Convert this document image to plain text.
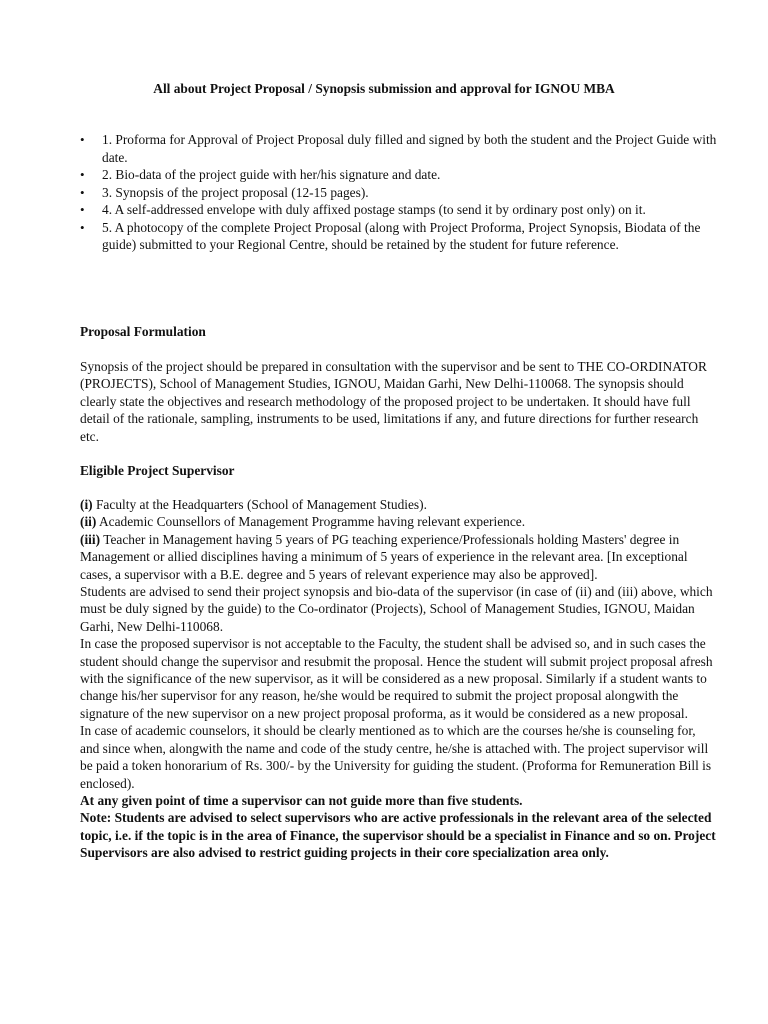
All about Project Proposal / Synopsis submission and approval for IGNOU MBA
• 1. Proforma for Approval of Project Proposal duly filled and signed by both the student and the Project Guide with date.
• 2. Bio-data of the project guide with her/his signature and date.
• 3. Synopsis of the project proposal (12-15 pages).
• 4. A self-addressed envelope with duly affixed postage stamps (to send it by ordinary post only) on it.
• 5. A photocopy of the complete Project Proposal (along with Project Proforma, Project Synopsis, Biodata of the guide) submitted to your Regional Centre, should be retained by the student for future reference.
Proposal Formulation

Synopsis of the project should be prepared in consultation with the supervisor and be sent to THE CO-ORDINATOR (PROJECTS), School of Management Studies, IGNOU, Maidan Garhi, New Delhi-110068. The synopsis should clearly state the objectives and research methodology of the proposed project to be undertaken. It should have full detail of the rationale, sampling, instruments to be used, limitations if any, and future directions for further research etc.

Eligible Project Supervisor

(i) Faculty at the Headquarters (School of Management Studies).

(ii) Academic Counsellors of Management Programme having relevant experience.

(iii) Teacher in Management having 5 years of PG teaching experience/Professionals holding Masters' degree in Management or allied disciplines having a minimum of 5 years of experience in the relevant area. [In exceptional cases, a supervisor with a B.E. degree and 5 years of relevant experience may also be approved].

Students are advised to send their project synopsis and bio-data of the supervisor (in case of (ii) and (iii) above, which must be duly signed by the guide) to the Co-ordinator (Projects), School of Management Studies, IGNOU, Maidan Garhi, New Delhi-110068.

In case the proposed supervisor is not acceptable to the Faculty, the student shall be advised so, and in such cases the student should change the supervisor and resubmit the proposal. Hence the student will submit project proposal afresh with the significance of the new supervisor, as it will be considered as a new proposal. Similarly if a student wants to change his/her supervisor for any reason, he/she would be required to submit the project proposal alongwith the signature of the new supervisor on a new project proposal proforma, as it would be considered as a new proposal.

In case of academic counselors, it should be clearly mentioned as to which are the courses he/she is counseling for, and since when, alongwith the name and code of the study centre, he/she is attached with. The project supervisor will be paid a token honorarium of Rs. 300/- by the University for guiding the student. (Proforma for Remuneration Bill is enclosed).

At any given point of time a supervisor can not guide more than five students.

Note: Students are advised to select supervisors who are active professionals in the relevant area of the selected topic, i.e. if the topic is in the area of Finance, the supervisor should be a specialist in Finance and so on. Project Supervisors are also advised to restrict guiding projects in their core specialization area only.
